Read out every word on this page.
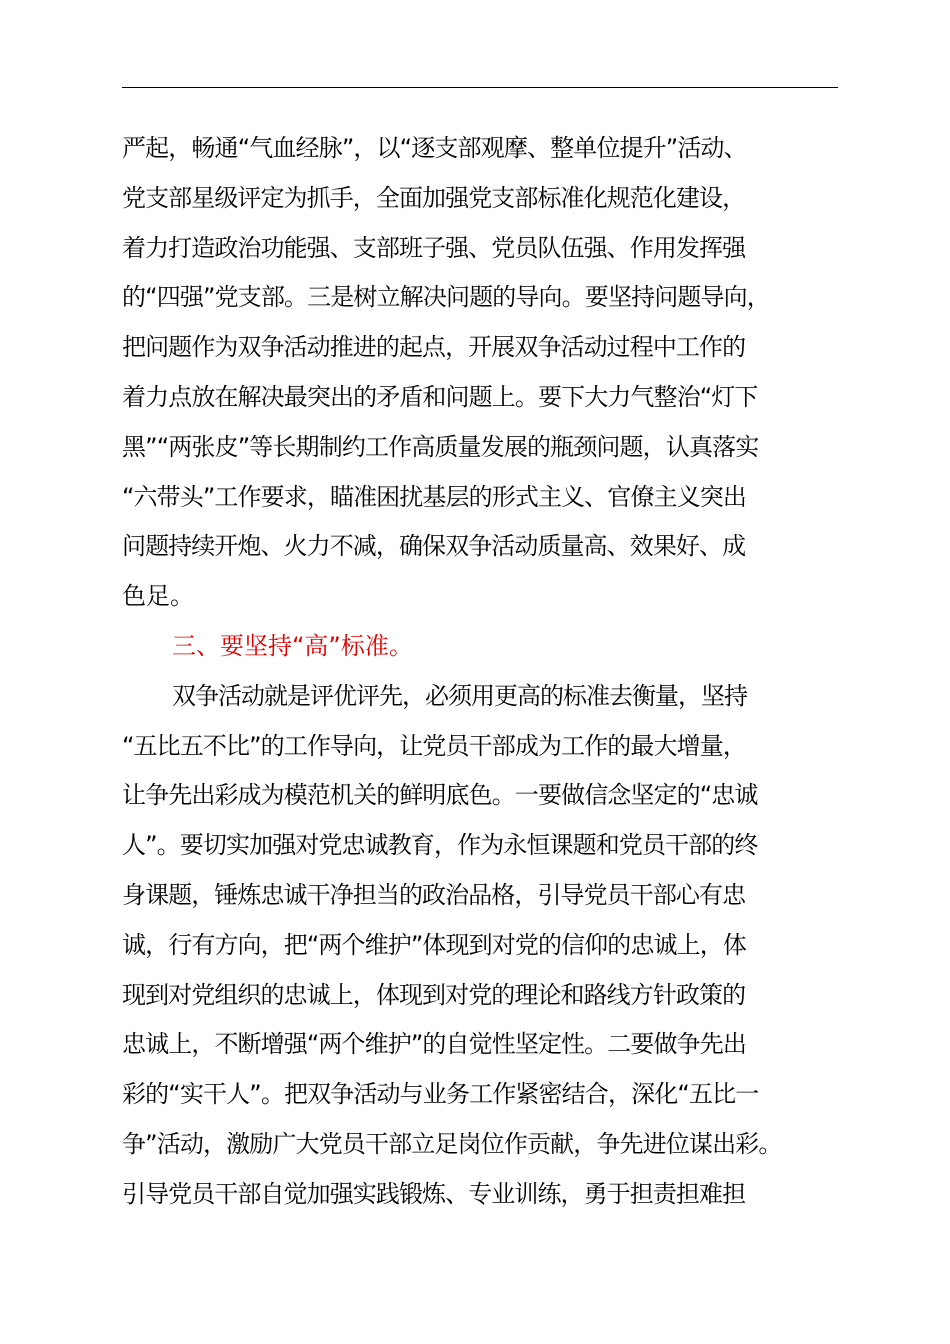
严起，畅通“气血经脉”，以“逐支部观摩、整单位提升”活动、
党支部星级评定为抓手，全面加强党支部标准化规范化建设，
着力打造政治功能强、支部班子强、党员队伍强、作用发挥强
的“四强”党支部。三是树立解决问题的导向。要坚持问题导向，
把问题作为双争活动推进的起点，开展双争活动过程中工作的
着力点放在解决最突出的矛盾和问题上。要下大力气整治“灯下
黑”“两张皮”等长期制约工作高质量发展的瓶颈问题，认真落实
“六带头”工作要求，瞄准困扰基层的形式主义、官僚主义突出
问题持续开炮、火力不减，确保双争活动质量高、效果好、成
色足。
三、要坚持“高”标准。
双争活动就是评优评先，必须用更高的标准去衡量，坚持
“五比五不比”的工作导向，让党员干部成为工作的最大增量，
让争先出彩成为模范机关的鲜明底色。一要做信念坚定的“忠诚
人”。要切实加强对党忠诚教育，作为永恒课题和党员干部的终
身课题，锤炼忠诚干净担当的政治品格，引导党员干部心有忠
诚，行有方向，把“两个维护”体现到对党的信仰的忠诚上，体
现到对党组织的忠诚上，体现到对党的理论和路线方针政策的
忠诚上，不断增强“两个维护”的自觉性坚定性。二要做争先出
彩的“实干人”。把双争活动与业务工作紧密结合，深化“五比一
争”活动，激励广大党员干部立足岗位作贡献，争先进位谋出彩。
引导党员干部自觉加强实践锻炼、专业训练，勇于担责担难担
